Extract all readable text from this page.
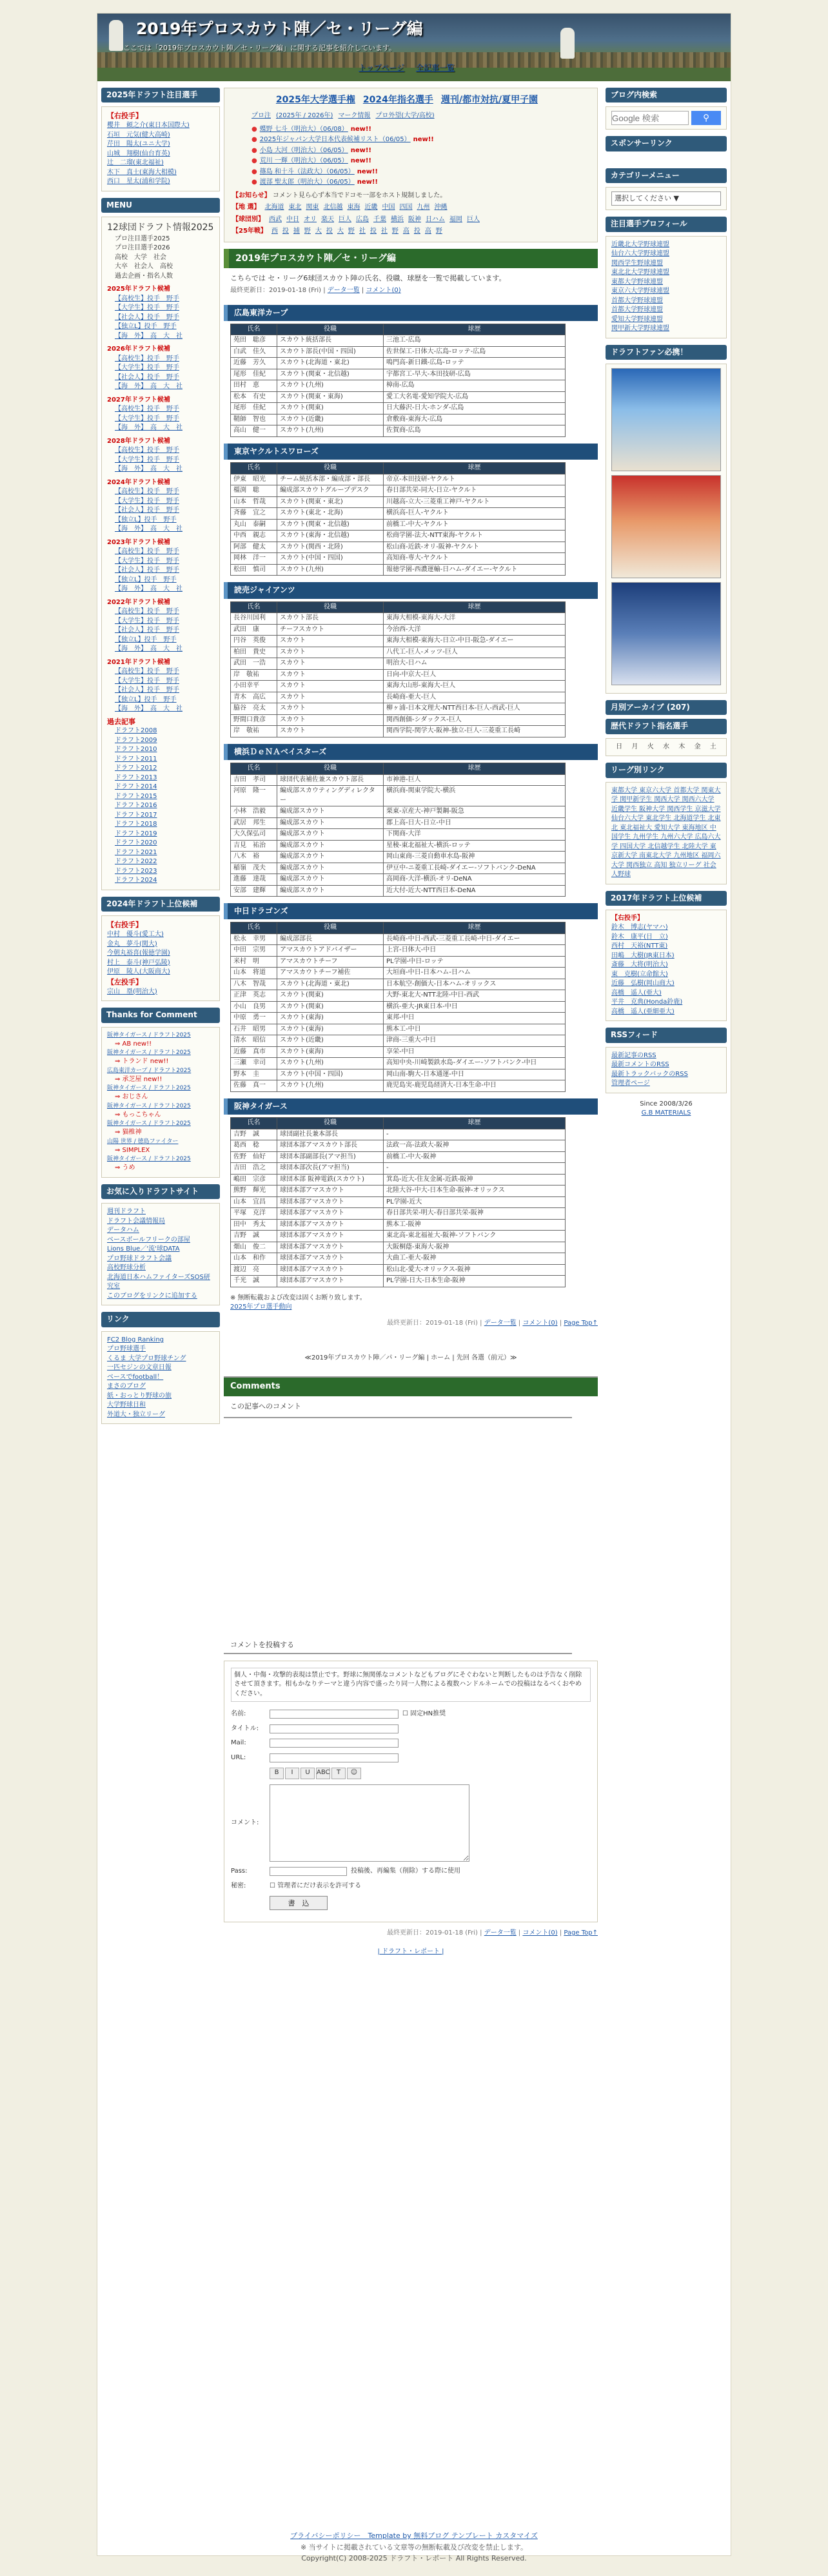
2019年プロスカウト陣／セ・リーグ編
ここでは「2019年プロスカウト陣／セ・リーグ編」に関する記事を紹介しています。
トップページ 全記事一覧
2025年ドラフト注目選手
【右投手】
櫻井　頼之介(東日本国際大)
石垣　元気(健大高崎)
芹田　陽太(ユニ大学)
山城　翔樹(仙台育英)
辻　二瑠(東北福祉)
木下　真士(東海大相模)
西口　星太(浦和学院)
MENU
12球団ドラフト情報2025
プロ注目選手2025
プロ注目選手2026
高校　大学　社会
大卒　社会人　高校
過去企画・指名人数
2025年ドラフト候補
【高校生】投手　野手
【大学生】投手　野手
【社会人】投手　野手
【独立L】投手　野手
【海　外】　高　大　社
2026年ドラフト候補
【高校生】投手　野手
【大学生】投手　野手
【社会人】投手　野手
【海　外】　高　大　社
2027年ドラフト候補
【高校生】投手　野手
【大学生】投手　野手
【海　外】　高　大　社
2028年ドラフト候補
【高校生】投手　野手
【大学生】投手　野手
【海　外】　高　大　社
2024年ドラフト候補
【高校生】投手　野手
【大学生】投手　野手
【社会人】投手　野手
【独立L】投手　野手
【海　外】　高　大　社
2023年ドラフト候補
【高校生】投手　野手
【大学生】投手　野手
【社会人】投手　野手
【独立L】投手　野手
【海　外】　高　大　社
2022年ドラフト候補
【高校生】投手　野手
【大学生】投手　野手
【社会人】投手　野手
【独立L】投手　野手
【海　外】　高　大　社
2021年ドラフト候補
【高校生】投手　野手
【大学生】投手　野手
【社会人】投手　野手
【独立L】投手　野手
【海　外】　高　大　社
過去記事
ドラフト2008
ドラフト2009
ドラフト2010
ドラフト2011
ドラフト2012
ドラフト2013
ドラフト2014
ドラフト2015
ドラフト2016
ドラフト2017
ドラフト2018
ドラフト2019
ドラフト2020
ドラフト2021
ドラフト2022
ドラフト2023
ドラフト2024
2024年ドラフト上位候補
【右投手】
中村　優斗(愛工大)
金丸　夢斗(関大)
今朝丸裕喜(報徳学園)
村上　泰斗(神戸弘陵)
伊原　陵人(大阪商大)
【左投手】
宗山　塁(明治大)
Thanks for Comment
阪神タイガース / ドラフト2025
⇒ AB new!!
阪神タイガース / ドラフト2025
⇒ トランド new!!
広島東洋カープ / ドラフト2025
⇒ 承芝屋 new!!
阪神タイガース / ドラフト2025
⇒ おじさん
阪神タイガース / ドラフト2025
⇒ もっこちゃん
阪神タイガース / ドラフト2025
⇒ 猫椎神
山陽 世界 / 徳島ファイター
⇒ SIMPLEX
阪神タイガース / ドラフト2025
⇒ うめ
お気に入りドラフトサイト
週刊ドラフト
ドラフト会議情報局
データハム
ベースボールフリークの部屋
Lions Blue／'流'球DATA
プロ野球ドラフト会議
高校野球分析
北海道日本ハムファイターズSOS研究室
このブログをリンクに追加する
リンク
FC2 Blog Ranking
プロ野球選手
くるま 大学プロ野球チング
一匹セジンの文章日報
ベースでfootball！
まさのブログ
紙・おっとり野球の旅
大学野球日和
外道大・独立リーグ
2025年大学選手権 2024年指名選手 週刊/都市対抗/夏甲子園
プロ注 (2025年 / 2026年) マーク情報 プロ外望(大学/高校)
● 蝶野 七斗（明治大）（06/08） new!!
● 2025年ジャパン大学日本代表候補リスト（06/05） new!!
● 小島 大河（明治大）（06/05） new!!
● 荒川 一輝（明治大）（06/05） new!!
● 篠島 和十斗（法政大）（06/05） new!!
● 渡部 聖太郎（明治大）（06/05） new!!
【お知らせ】 コメント見ら心ず本当でドコモ一部をホスト規制しました。
【地 選】 北海道 東北 関東 北信越 東海 近畿 中国 四国 九州 沖縄
【球団別】 西武 中日 オリ 楽天 巨人 広島 千葉 横浜 阪神 日ハム 福岡 巨人
【25年戦】 西 投 捕 野 大 投 大 野 社 投 社 野 高 投 高 野
2019年プロスカウト陣／セ・リーグ編
こちらでは セ・リーグ6球団スカウト陣の氏名、役職、球歴を一覧で掲載しています。
最終更新日：2019-01-18 (Fri) | データ一覧 | コメント(0)
広島東洋カープ
氏名	役職	球歴
苑田　聡彦	スカウト統括部長	三池工-広島
白武　佳久	スカウト部長(中国・四国)	佐世保工-日体大-広島-ロッテ-広島
近藤　芳久	スカウト(北海道・東北)	鳴門高-新日鐵-広島-ロッテ
尾形　佳紀	スカウト(関東・北信越)	宇都宮工-早大-本田技研-広島
田村　恵	スカウト(九州)	樟南-広島
松本　有史	スカウト(関東・東海)	愛工大名電-愛知学院大-広島
尾形　佳紀	スカウト(関東)	日大藤沢-日大-ホンダ-広島
鞘師　智也	スカウト(近畿)	倉敷商-東海大-広島
高山　健一	スカウト(九州)	佐賀商-広島
東京ヤクルトスワローズ
氏名	役職	球歴
伊東　昭光	チーム統括本部・編成部・部長	帝京-本田技研-ヤクルト
橿渕　聡	編成部スカウトグループデスク	春日部共栄-同大-日立-ヤクルト
山本　哲哉	スカウト(関東・東北)	川越高-立大-三菱重工神戸-ヤクルト
斉藤　宜之	スカウト(東北・北海)	横浜高-巨人-ヤクルト
丸山　泰嗣	スカウト(関東・北信越)	前橋工-中大-ヤクルト
中西　親志	スカウト(東海・北信越)	松商学園-法大-NTT東海-ヤクルト
阿部　健太	スカウト(関西・北陸)	松山商-近鉄-オリ-阪神-ヤクルト
岡林　洋一	スカウト(中国・四国)	高知商-専大-ヤクルト
松田　慎司	スカウト(九州)	報徳学園-西濃運輸-日ハム-ダイエー-ヤクルト
読売ジャイアンツ
氏名	役職	球歴
長谷川国利	スカウト部長	東海大相模-東海大-大洋
武田　康	チーフスカウト	今治西-大洋
円谷　英俊	スカウト	東海大相模-東海大-日立-中日-阪急-ダイエー
柏田　貴史	スカウト	八代工-巨人-メッツ-巨人
武田　一浩	スカウト	明治大-日ハム
岸　敬祐	スカウト	日向-中京大-巨人
小田幸平	スカウト	東海大山形-東海大-巨人
青木　高広	スカウト	長崎商-亜大-巨人
脇谷　亮太	スカウト	柳ヶ浦-日本文理大-NTT西日本-巨人-西武-巨人
野間口貴彦	スカウト	関西創価-シダックス-巨人
岸　敬祐	スカウト	関西学院-関学大-阪神-独立-巨人-三菱重工長崎
横浜ＤｅＮＡベイスターズ
氏名	役職	球歴
吉田　孝司	球団代表補佐兼スカウト部長	市神港-巨人
河原　隆一	編成部スカウティングディレクター	横浜商-関東学院大-横浜
小林　浩毅	編成部スカウト	栗東-京産大-神戸製鋼-阪急
武居　邦生	編成部スカウト	郡上高-日大-日立-中日
大久保弘司	編成部スカウト	下関商-大洋
吉見　祐治	編成部スカウト	星稜-東北福祉大-横浜-ロッテ
八木　裕	編成部スカウト	岡山東商-三菱自動車水島-阪神
稲嶺　茂夫	編成部スカウト	伊豆中-ニ菱重工長崎-ダイエー-ソフトバンク-DeNA
進藤　達哉	編成部スカウト	高岡商-大洋-横浜-オリ-DeNA
安部　建輝	編成部スカウト	近大付-近大-NTT西日本-DeNA
中日ドラゴンズ
氏名	役職	球歴
松永　幸男	編成部部長	長崎商-中日-西武-三菱重工長崎-中日-ダイエー
中田　宗男	アマスカウトアドバイザー	上宮-日体大-中日
米村　明	アマスカウトチーフ	PL学園-中日-ロッテ
山本　将道	アマスカウトチーフ補佐	大垣商-中日-日本ハム-日ハム
八木　智哉	スカウト(北海道・東北)	日本航空-創価大-日本ハム-オリックス
正津　英志	スカウト(関東)	大野-東北大-NTT北陸-中日-西武
小山　良男	スカウト(関東)	横浜-亜大-JR東日本-中日
中原　勇一	スカウト(東海)	東邦-中日
石井　昭男	スカウト(東海)	熊本工-中日
清水　昭信	スカウト(近畿)	津商-三重大-中日
近藤　真市	スカウト(東海)	享栄-中日
三瀬　幸司	スカウト(九州)	高知中央-川崎製鉄水島-ダイエー-ソフトバンク-中日
野本　圭	スカウト(中国・四国)	岡山南-駒大-日本通運-中日
佐藤　真一	スカウト(九州)	鹿児島実-鹿児島経済大-日本生命-中日
阪神タイガース
氏名	役職	球歴
吉野　誠	球団副社長兼本部長	-
葛西　稔	球団本部アマスカウト部長	法政一高-法政大-阪神
佐野　仙好	球団本部副部長(アマ担当)	前橋工-中大-阪神
吉田　浩之	球団本部次長(アマ担当)	-
嶋田　宗彦	球団本部 阪神電鉄(スカウト)	箕島-近大-住友金属-近鉄-阪神
熊野　輝光	球団本部アマスカウト	北陸大谷-中大-日本生命-阪神-オリックス
山本　宜昌	球団本部アマスカウト	PL学園-近大
平塚　克洋	球団本部アマスカウト	春日部共栄-明大-春日部共栄-阪神
田中　秀太	球団本部アマスカウト	熊本工-阪神
吉野　誠	球団本部アマスカウト	東北高-東北福祉大-阪神-ソフトバンク
畑山　俊二	球団本部アマスカウト	大阪桐蔭-東海大-阪神
山本　和作	球団本部アマスカウト	大曲工-亜大-阪神
渡辺　亮	球団本部アマスカウト	松山北-愛大-オリックス-阪神
千光　誠	球団本部アマスカウト	PL学園-日大-日本生命-阪神
※ 無断転載および改変は固くお断り致します。
2025年プロ選手動向
最終更新日：2019-01-18 (Fri) | データ一覧 | コメント(0) | Page Top↑
≪2019年プロスカウト陣／パ・リーグ編 | ホーム | 先回 各選（前元）≫
Comments
この記事へのコメント
コメントを投稿する
個人・中傷・攻撃的表現は禁止です。野球に無関係なコメントなどもブログにそぐわないと判断したものは予告なく削除させて頂きます。相もかなりテーマと違う内容で盛ったり同一人物による複数ハンドルネームでの投稿はなるべくおやめください。
名前:	☐ 固定HN推奨
タイトル:
Mail:
URL:
B I U ABC T ☺
コメント:
Pass:	投稿後、再編集（削除）する際に使用
秘密:	☐ 管理者にだけ表示を許可する
書　込
最終更新日：2019-01-18 (Fri) | データ一覧 | コメント(0) | Page Top↑
| ドラフト・レポート |
ブログ内検索
Google 検索
⚲
スポンサーリンク
カテゴリーメニュー
選択してください ▼
注目選手プロフィール
近畿北大学野球連盟
仙台六大学野球連盟
関西学生野球連盟
東北北大学野球連盟
東都大学野球連盟
東京六大学野球連盟
首都大学野球連盟
首都大学野球連盟
愛知大学野球連盟
関甲新大学野球連盟
ドラフトファン必携！
月別アーカイブ (207)
歴代ドラフト指名選手
日	月	火	水	木	金	土
リーグ別リンク
東都大学 東京六大学 首都大学 関東大学 関甲新学生 関西大学 関西六大学 近畿学生 阪神大学 関西学生 京滋大学 仙台六大学 東北学生 北海道学生 北東北 東北福祉大 愛知大学 東海地区 中国学生 九州学生 九州六大学 広島六大学 四国大学 北信越学生 北陸大学 東京新大学 南東北大学 九州地区 福岡六大学 関西独立 高知 独立リーグ 社会人野球
2017年ドラフト上位候補
【右投手】
鈴木　博志(ヤマハ)
鈴木　康平(日　立)
西村　天裕(NTT東)
田嶋　大樹(JR東日本)
斎藤　大将(明治大)
東　克樹(立命館大)
近藤　弘樹(岡山商大)
高橋　遥人(亜大)
平井　克典(Honda鈴鹿)
高橋　遥人(亜細亜大)
RSSフィード
最新記事のRSS
最新コメントのRSS
最新トラックバックのRSS
管理者ページ
Since 2008/3/26
G.B MATERIALS
プライバシーポリシー　Template by 無料ブログ テンプレート カスタマイズ
※ 当サイトに掲載されている文章等の無断転載及び改変を禁止します。
Copyright(C) 2008-2025 ドラフト・レポート All Rights Reserved.
